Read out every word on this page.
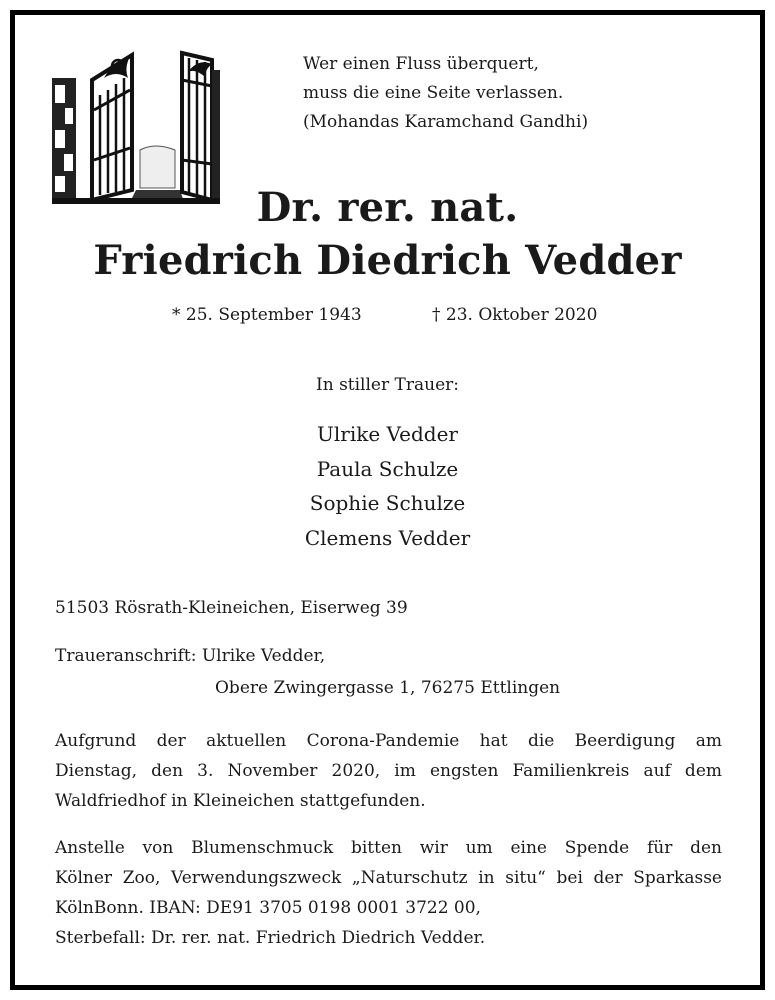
Wer einen Fluss überquert,
muss die eine Seite verlassen.
(Mohandas Karamchand Gandhi)
Dr. rer. nat.
Friedrich Diedrich Vedder
* 25. September 1943	† 23. Oktober 2020
In stiller Trauer:
Ulrike Vedder
Paula Schulze
Sophie Schulze
Clemens Vedder
51503 Rösrath-Kleineichen, Eiserweg 39
Traueranschrift: Ulrike Vedder,
Obere Zwingergasse 1, 76275 Ettlingen
Aufgrund der aktuellen Corona-Pandemie hat die Beerdigung am
Dienstag, den 3. November 2020, im engsten Familienkreis auf dem
Waldfriedhof in Kleineichen stattgefunden.
Anstelle von Blumenschmuck bitten wir um eine Spende für den
Kölner Zoo, Verwendungszweck „Naturschutz in situ“ bei der Sparkasse
KölnBonn. IBAN: DE91 3705 0198 0001 3722 00,
Sterbefall: Dr. rer. nat. Friedrich Diedrich Vedder.
